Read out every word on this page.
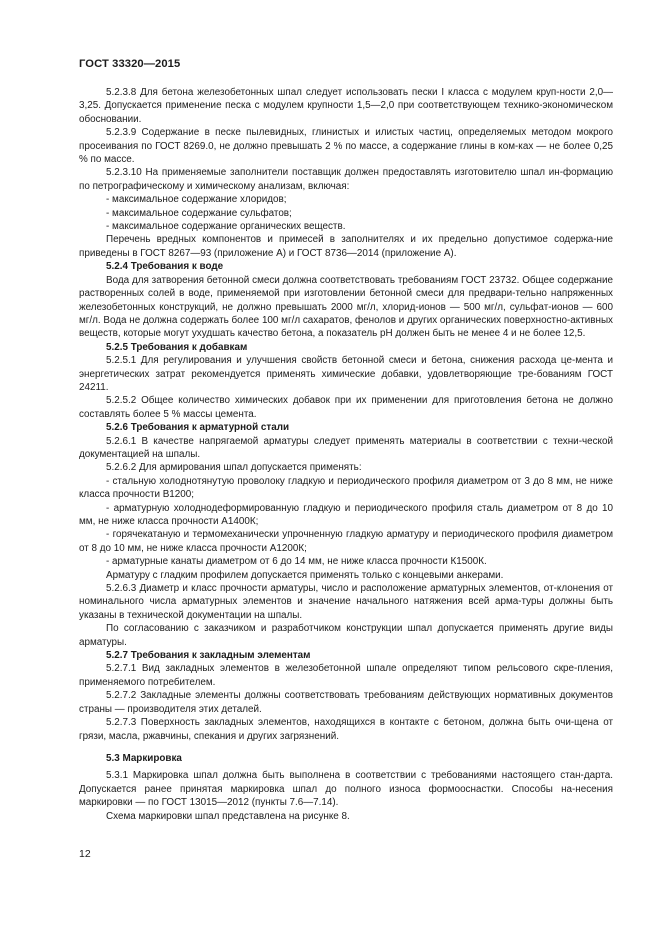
ГОСТ 33320—2015

5.2.3.8 Для бетона железобетонных шпал следует использовать пески I класса с модулем круп-ности 2,0—3,25. Допускается применение песка с модулем крупности 1,5—2,0 при соответствующем технико-экономическом обосновании.

5.2.3.9 Содержание в песке пылевидных, глинистых и илистых частиц, определяемых методом мокрого просеивания по ГОСТ 8269.0, не должно превышать 2 % по массе, а содержание глины в ком-ках — не более 0,25 % по массе.

5.2.3.10 На применяемые заполнители поставщик должен предоставлять изготовителю шпал ин-формацию по петрографическому и химическому анализам, включая:

- максимальное содержание хлоридов;

- максимальное содержание сульфатов;

- максимальное содержание органических веществ.

Перечень вредных компонентов и примесей в заполнителях и их предельно допустимое содержа-ние приведены в ГОСТ 8267—93 (приложение А) и ГОСТ 8736—2014 (приложение А).

5.2.4 Требования к воде

Вода для затворения бетонной смеси должна соответствовать требованиям ГОСТ 23732. Общее содержание растворенных солей в воде, применяемой при изготовлении бетонной смеси для предвари-тельно напряженных железобетонных конструкций, не должно превышать 2000 мг/л, хлорид-ионов — 500 мг/л, сульфат-ионов — 600 мг/л. Вода не должна содержать более 100 мг/л сахаратов, фенолов и других органических поверхностно-активных веществ, которые могут ухудшать качество бетона, а показатель pH должен быть не менее 4 и не более 12,5.

5.2.5 Требования к добавкам

5.2.5.1 Для регулирования и улучшения свойств бетонной смеси и бетона, снижения расхода це-мента и энергетических затрат рекомендуется применять химические добавки, удовлетворяющие тре-бованиям ГОСТ 24211.

5.2.5.2 Общее количество химических добавок при их применении для приготовления бетона не должно составлять более 5 % массы цемента.

5.2.6 Требования к арматурной стали

5.2.6.1 В качестве напрягаемой арматуры следует применять материалы в соответствии с техни-ческой документацией на шпалы.

5.2.6.2 Для армирования шпал допускается применять:

- стальную холоднотянутую проволоку гладкую и периодического профиля диаметром от 3 до 8 мм, не ниже класса прочности В1200;

- арматурную холоднодеформированную гладкую и периодического профиля сталь диаметром от 8 до 10 мм, не ниже класса прочности А1400К;

- горячекатаную и термомеханически упрочненную гладкую арматуру и периодического профиля диаметром от 8 до 10 мм, не ниже класса прочности А1200К;

- арматурные канаты диаметром от 6 до 14 мм, не ниже класса прочности К1500К.

Арматуру с гладким профилем допускается применять только с концевыми анкерами.

5.2.6.3 Диаметр и класс прочности арматуры, число и расположение арматурных элементов, от-клонения от номинального числа арматурных элементов и значение начального натяжения всей арма-туры должны быть указаны в технической документации на шпалы.

По согласованию с заказчиком и разработчиком конструкции шпал допускается применять другие виды арматуры.

5.2.7 Требования к закладным элементам

5.2.7.1 Вид закладных элементов в железобетонной шпале определяют типом рельсового скре-пления, применяемого потребителем.

5.2.7.2 Закладные элементы должны соответствовать требованиям действующих нормативных документов страны — производителя этих деталей.

5.2.7.3 Поверхность закладных элементов, находящихся в контакте с бетоном, должна быть очи-щена от грязи, масла, ржавчины, спекания и других загрязнений.

5.3 Маркировка

5.3.1 Маркировка шпал должна быть выполнена в соответствии с требованиями настоящего стан-дарта. Допускается ранее принятая маркировка шпал до полного износа формооснастки. Способы на-несения маркировки — по ГОСТ 13015—2012 (пункты 7.6—7.14).

Схема маркировки шпал представлена на рисунке 8.

12
